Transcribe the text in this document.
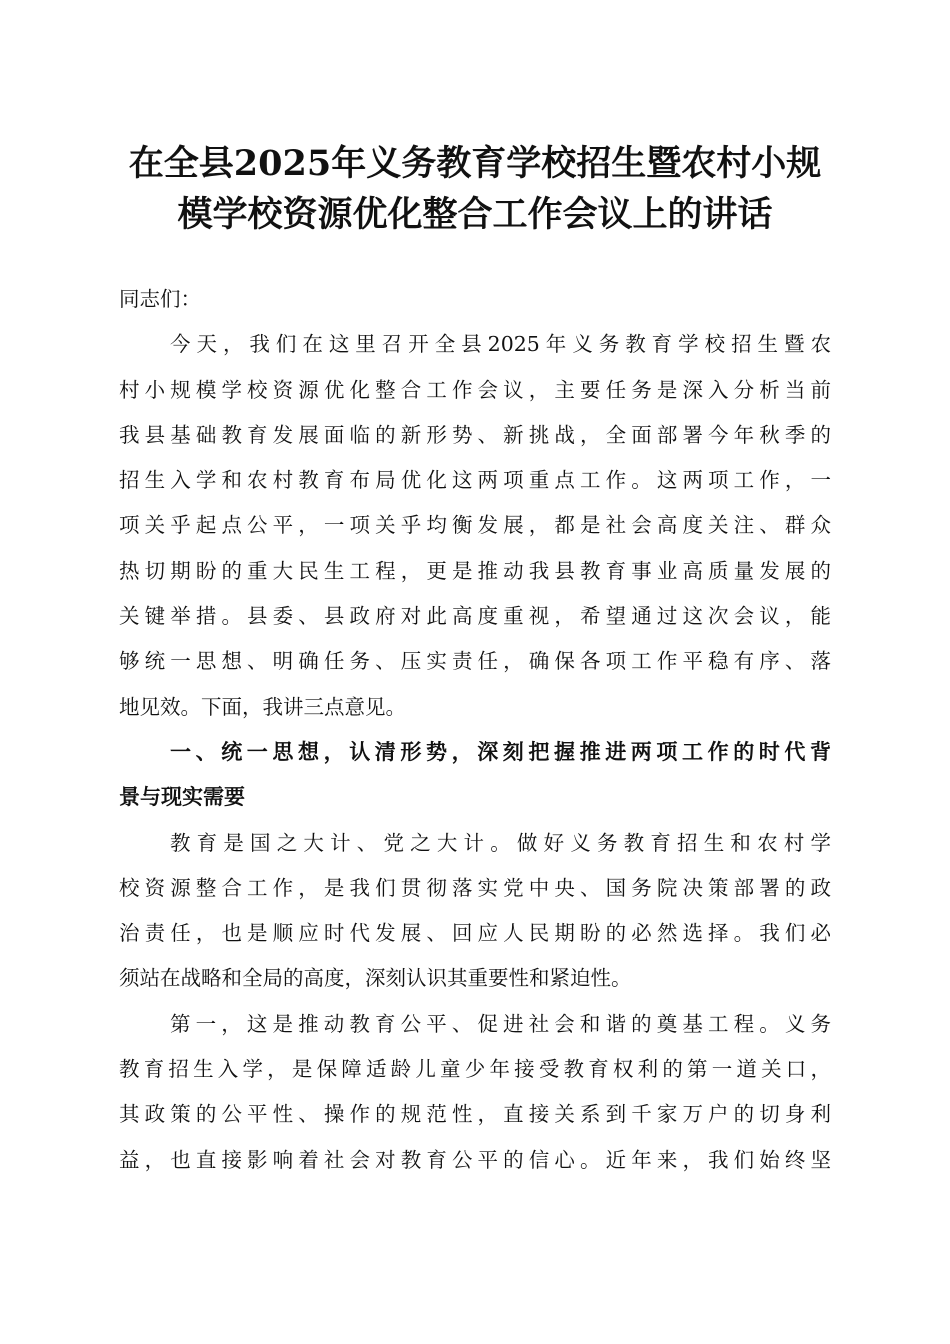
在全县2025年义务教育学校招生暨农村小规
模学校资源优化整合工作会议上的讲话
同志们：
今天，我们在这里召开全县2025年义务教育学校招生暨农
村小规模学校资源优化整合工作会议，主要任务是深入分析当前
我县基础教育发展面临的新形势、新挑战，全面部署今年秋季的
招生入学和农村教育布局优化这两项重点工作。这两项工作，一
项关乎起点公平，一项关乎均衡发展，都是社会高度关注、群众
热切期盼的重大民生工程，更是推动我县教育事业高质量发展的
关键举措。县委、县政府对此高度重视，希望通过这次会议，能
够统一思想、明确任务、压实责任，确保各项工作平稳有序、落
地见效。下面，我讲三点意见。
一、统一思想，认清形势，深刻把握推进两项工作的时代背
景与现实需要
教育是国之大计、党之大计。做好义务教育招生和农村学
校资源整合工作，是我们贯彻落实党中央、国务院决策部署的政
治责任，也是顺应时代发展、回应人民期盼的必然选择。我们必
须站在战略和全局的高度，深刻认识其重要性和紧迫性。
第一，这是推动教育公平、促进社会和谐的奠基工程。义务
教育招生入学，是保障适龄儿童少年接受教育权利的第一道关口，
其政策的公平性、操作的规范性，直接关系到千家万户的切身利
益，也直接影响着社会对教育公平的信心。近年来，我们始终坚
